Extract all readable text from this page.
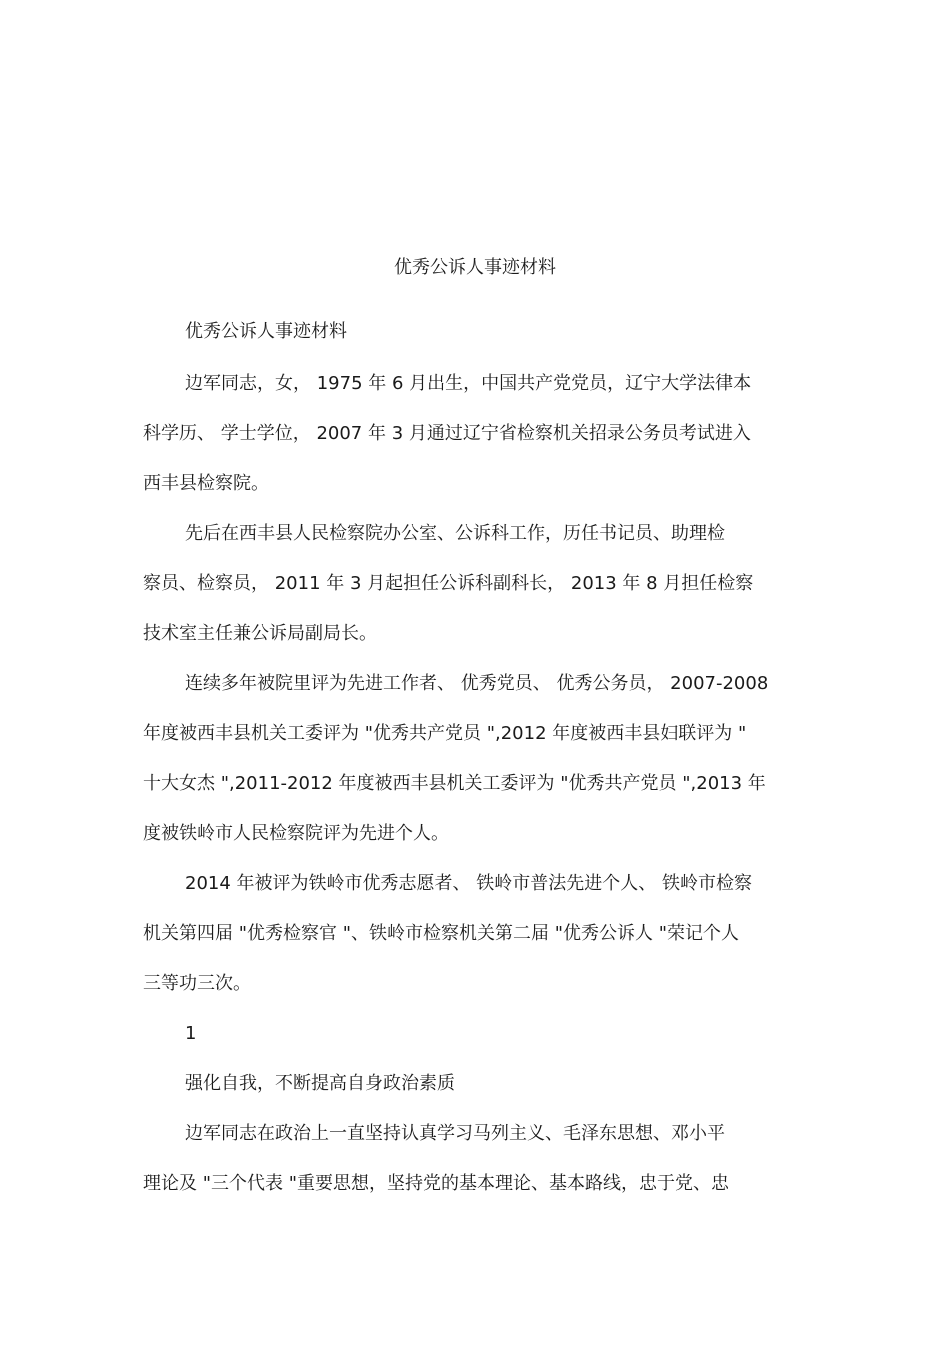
优秀公诉人事迹材料

优秀公诉人事迹材料

边军同志，女， 1975 年 6 月出生，中国共产党党员，辽宁大学法律本

科学历、 学士学位， 2007 年 3 月通过辽宁省检察机关招录公务员考试进入

西丰县检察院。

先后在西丰县人民检察院办公室、公诉科工作，历任书记员、助理检

察员、检察员， 2011 年 3 月起担任公诉科副科长， 2013 年 8 月担任检察

技术室主任兼公诉局副局长。

连续多年被院里评为先进工作者、 优秀党员、 优秀公务员， 2007-2008

年度被西丰县机关工委评为 "优秀共产党员 ",2012 年度被西丰县妇联评为 "

十大女杰 ",2011-2012 年度被西丰县机关工委评为 "优秀共产党员 ",2013 年

度被铁岭市人民检察院评为先进个人。

2014 年被评为铁岭市优秀志愿者、 铁岭市普法先进个人、 铁岭市检察

机关第四届 "优秀检察官 "、铁岭市检察机关第二届 "优秀公诉人 "荣记个人

三等功三次。

1

强化自我，不断提高自身政治素质

边军同志在政治上一直坚持认真学习马列主义、毛泽东思想、邓小平

理论及 "三个代表 "重要思想，坚持党的基本理论、基本路线，忠于党、忠
